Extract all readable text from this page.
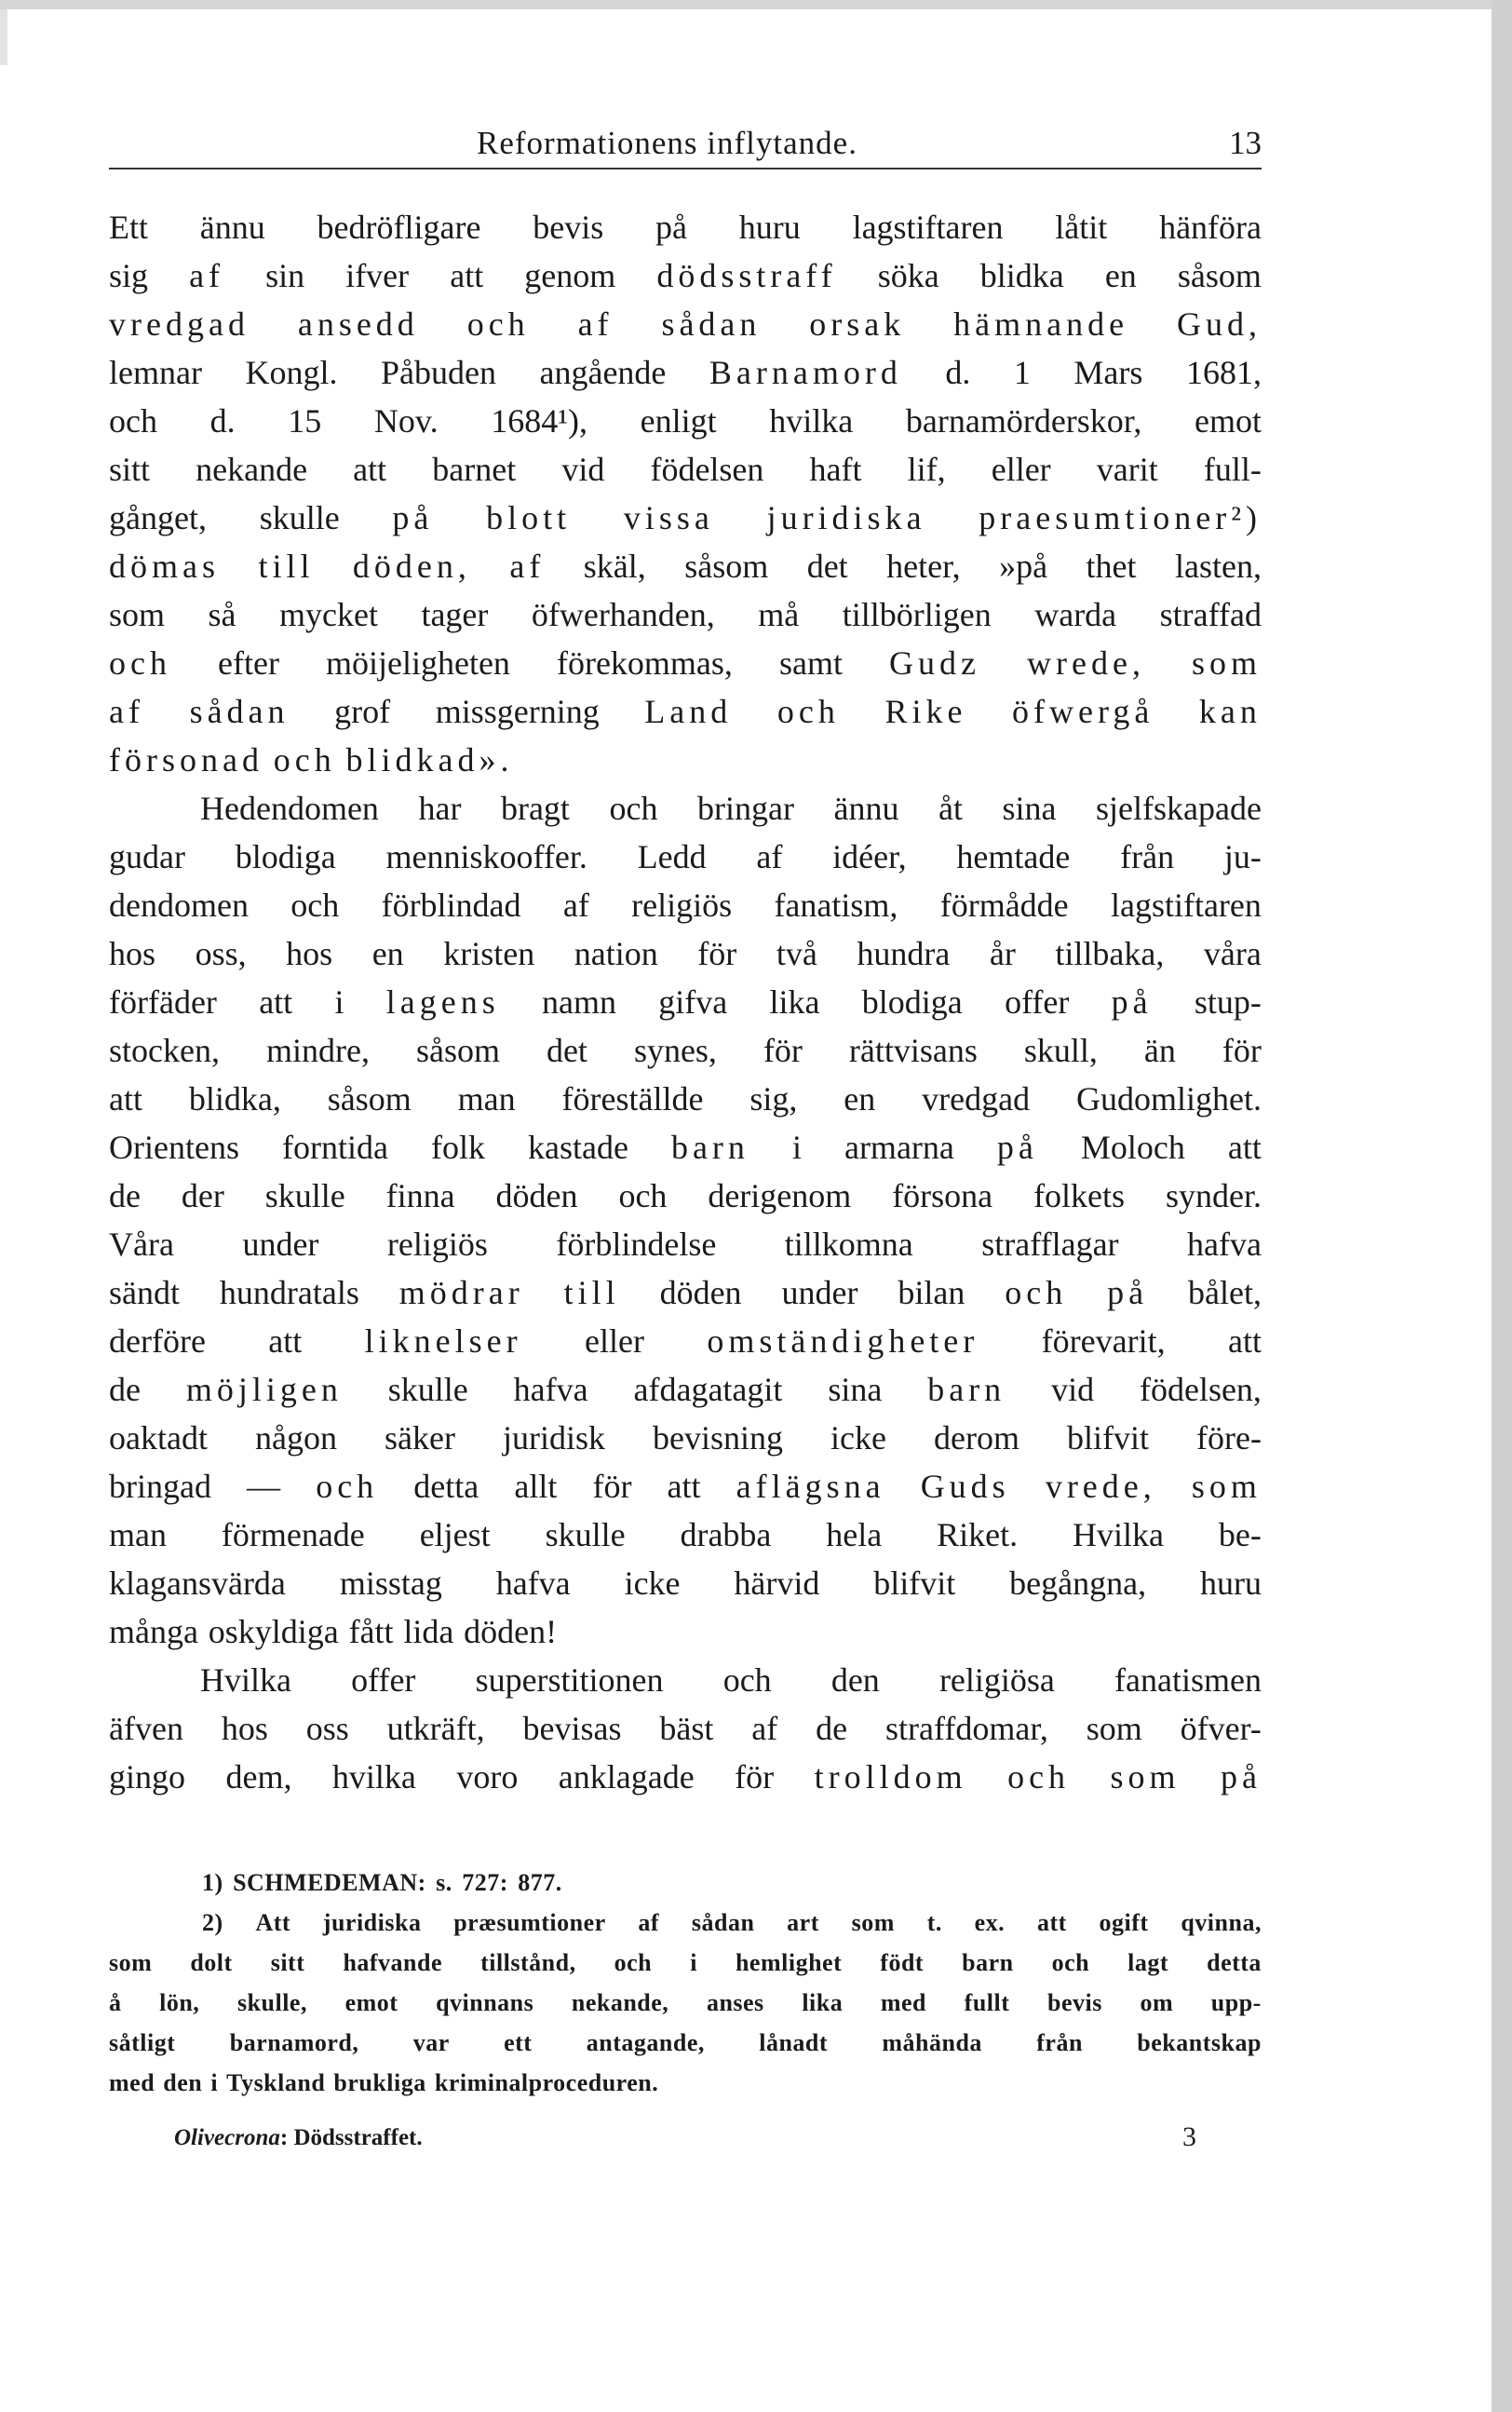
Reformationens inflytande.	13
Ett ännu bedröfligare bevis på huru lagstiftaren låtit hänföra
sig af sin ifver att genom dödsstraff söka blidka en såsom
vredgad ansedd och af sådan orsak hämnande Gud,
lemnar Kongl. Påbuden angående Barnamord d. 1 Mars 1681,
och d. 15 Nov. 1684¹), enligt hvilka barnamörderskor, emot
sitt nekande att barnet vid födelsen haft lif, eller varit full-
gånget, skulle på blott vissa juridiska praesumtioner²)
dömas till döden, af skäl, såsom det heter, »på thet lasten,
som så mycket tager öfwerhanden, må tillbörligen warda straffad
och efter möijeligheten förekommas, samt Gudz wrede, som
af sådan grof missgerning Land och Rike öfwergå kan
försonad och blidkad».
Hedendomen har bragt och bringar ännu åt sina sjelfskapade
gudar blodiga menniskooffer. Ledd af idéer, hemtade från ju-
dendomen och förblindad af religiös fanatism, förmådde lagstiftaren
hos oss, hos en kristen nation för två hundra år tillbaka, våra
förfäder att i lagens namn gifva lika blodiga offer på stup-
stocken, mindre, såsom det synes, för rättvisans skull, än för
att blidka, såsom man föreställde sig, en vredgad Gudomlighet.
Orientens forntida folk kastade barn i armarna på Moloch att
de der skulle finna döden och derigenom försona folkets synder.
Våra under religiös förblindelse tillkomna strafflagar hafva
sändt hundratals mödrar till döden under bilan och på bålet,
derföre att liknelser eller omständigheter förevarit, att
de möjligen skulle hafva afdagatagit sina barn vid födelsen,
oaktadt någon säker juridisk bevisning icke derom blifvit före-
bringad — och detta allt för att aflägsna Guds vrede, som
man förmenade eljest skulle drabba hela Riket. Hvilka be-
klagansvärda misstag hafva icke härvid blifvit begångna, huru
många oskyldiga fått lida döden!
Hvilka offer superstitionen och den religiösa fanatismen
äfven hos oss utkräft, bevisas bäst af de straffdomar, som öfver-
gingo dem, hvilka voro anklagade för trolldom och som på
1) SCHMEDEMAN: s. 727: 877.
2) Att juridiska præsumtioner af sådan art som t. ex. att ogift qvinna,
som dolt sitt hafvande tillstånd, och i hemlighet födt barn och lagt detta
å lön, skulle, emot qvinnans nekande, anses lika med fullt bevis om upp-
såtligt barnamord, var ett antagande, lånadt måhända från bekantskap
med den i Tyskland brukliga kriminalproceduren.
Olivecrona: Dödsstraffet.	3
